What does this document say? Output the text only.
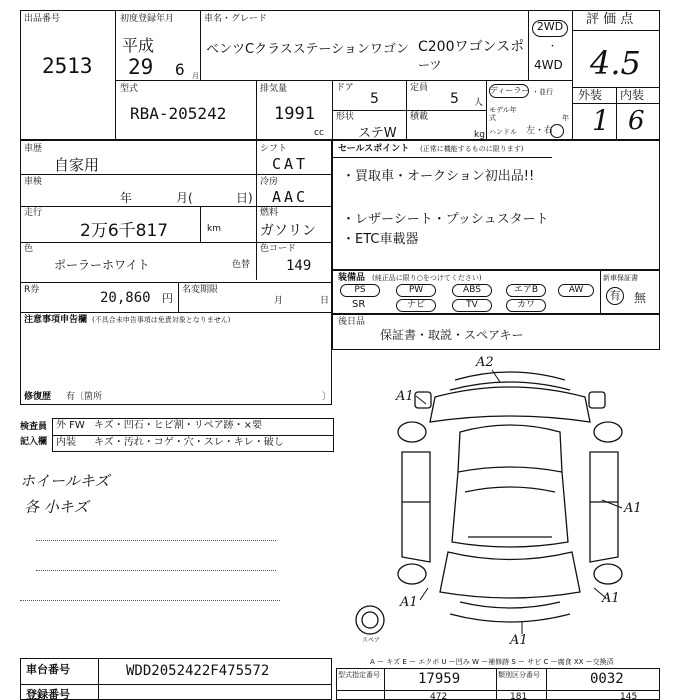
出品番号
2513
初度登録年月
平成
29 6 月
車名・グレード
ベンツCクラスステーションワゴン C200ワゴンスポ
ーツ
2WD
・
4WD
評 価 点
4.5
外装 内装
1 6
型式
RBA-205242
排気量
1991
cc
ドア
5
定員
5 人
形状
ステW
積載
kg
ディーラー ・並行
モデル年式	年
ハンドル 左・右
車歴
自家用
シフト
CAT
車検
年	月(	日)
冷房
AAC
走行
2万6千817	km
燃料
ガソリン
色
ポーラーホワイト	色替
色コード
149
R券	20,860 円
名変期限
月	日
注意事項申告欄 (不具合未申告事項は免責対象となりません)
修復歴 有〔箇所	〕
セールスポイント (正常に機能するものに限ります)
・買取車・オークション初出品!!
・レザーシート・プッシュスタート
・ETC車載器
装備品 (純正品に限り○をつけてください)	新車保証書
PS	PW	ABS	エアB	AW
SR	ナビ	TV	カワ
有 無
後日品
保証書・取説・スペアキー
検査員
記入欄
外 FW キズ・凹石・ヒビ割・リペア跡・×要
内装 キズ・汚れ・コゲ・穴・スレ・キレ・破し
ホイールキズ
各 小キズ
A2
A1
A1
A1	A1
A1
スペア
A ー キズ E ー エクボ U ー凹み W ー補修跡 S ー サビ C ー腐食 XX ー交換済
車台番号	WDD2052422F475572
登録番号
型式指定番号	17959	類別区分番号	0032
472	181	145
